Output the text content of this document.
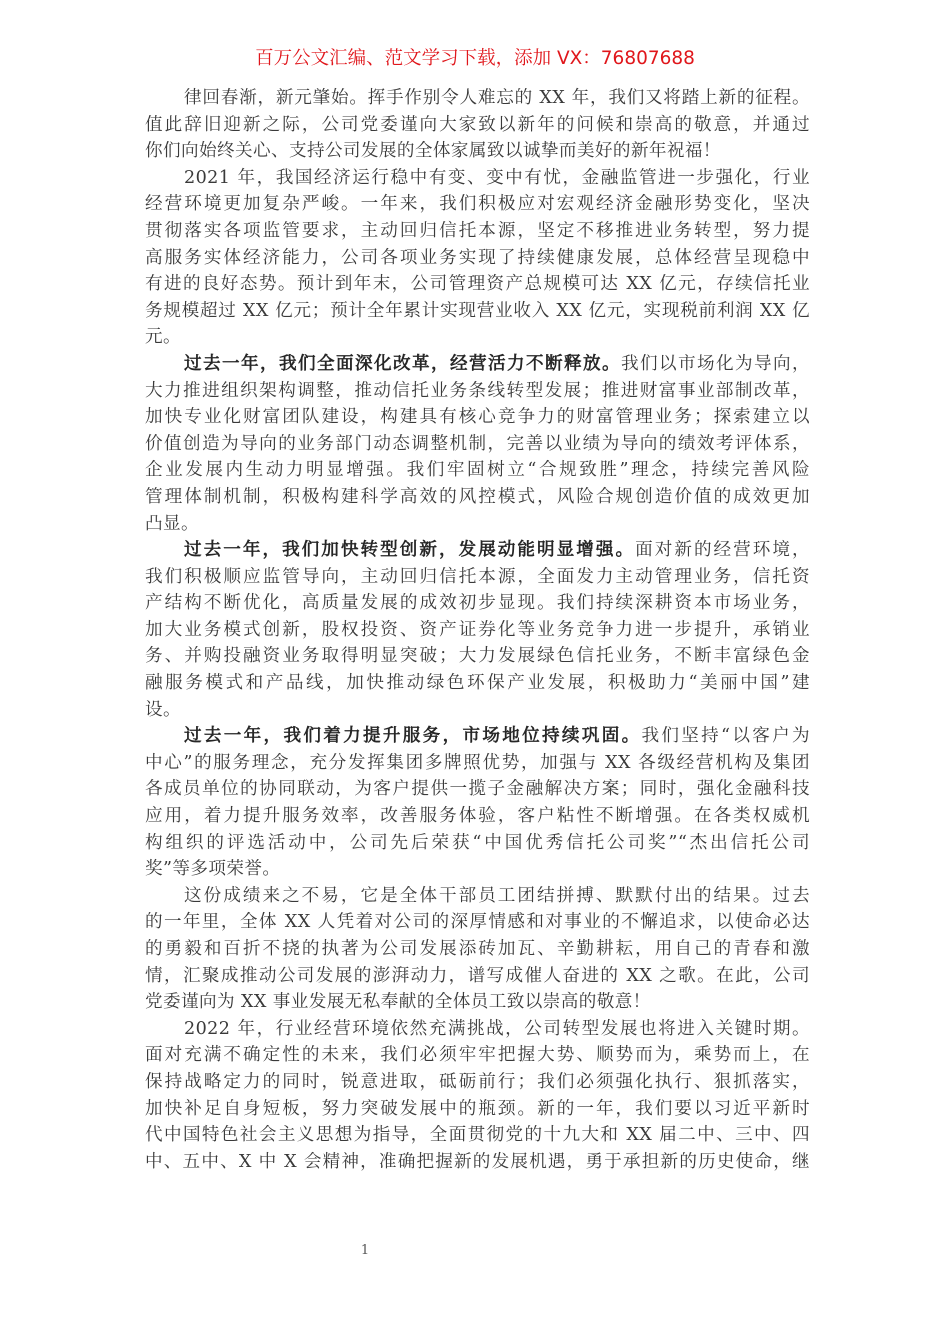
百万公文汇编、范文学习下载，添加 VX：76807688
律回春渐，新元肇始。挥手作别令人难忘的 XX 年，我们又将踏上新的征程。
值此辞旧迎新之际，公司党委谨向大家致以新年的问候和崇高的敬意，并通过
你们向始终关心、支持公司发展的全体家属致以诚挚而美好的新年祝福！
2021 年，我国经济运行稳中有变、变中有忧，金融监管进一步强化，行业
经营环境更加复杂严峻。一年来，我们积极应对宏观经济金融形势变化，坚决
贯彻落实各项监管要求，主动回归信托本源，坚定不移推进业务转型，努力提
高服务实体经济能力，公司各项业务实现了持续健康发展，总体经营呈现稳中
有进的良好态势。预计到年末，公司管理资产总规模可达 XX 亿元，存续信托业
务规模超过 XX 亿元；预计全年累计实现营业收入 XX 亿元，实现税前利润 XX 亿
元。
过去一年，我们全面深化改革，经营活力不断释放。我们以市场化为导向，
大力推进组织架构调整，推动信托业务条线转型发展；推进财富事业部制改革，
加快专业化财富团队建设，构建具有核心竞争力的财富管理业务；探索建立以
价值创造为导向的业务部门动态调整机制，完善以业绩为导向的绩效考评体系，
企业发展内生动力明显增强。我们牢固树立“合规致胜”理念，持续完善风险
管理体制机制，积极构建科学高效的风控模式，风险合规创造价值的成效更加
凸显。
过去一年，我们加快转型创新，发展动能明显增强。面对新的经营环境，
我们积极顺应监管导向，主动回归信托本源，全面发力主动管理业务，信托资
产结构不断优化，高质量发展的成效初步显现。我们持续深耕资本市场业务，
加大业务模式创新，股权投资、资产证券化等业务竞争力进一步提升，承销业
务、并购投融资业务取得明显突破；大力发展绿色信托业务，不断丰富绿色金
融服务模式和产品线，加快推动绿色环保产业发展，积极助力“美丽中国”建
设。
过去一年，我们着力提升服务，市场地位持续巩固。我们坚持“以客户为
中心”的服务理念，充分发挥集团多牌照优势，加强与 XX 各级经营机构及集团
各成员单位的协同联动，为客户提供一揽子金融解决方案；同时，强化金融科技
应用，着力提升服务效率，改善服务体验，客户粘性不断增强。在各类权威机
构组织的评选活动中，公司先后荣获“中国优秀信托公司奖”“杰出信托公司
奖”等多项荣誉。
这份成绩来之不易，它是全体干部员工团结拼搏、默默付出的结果。过去
的一年里，全体 XX 人凭着对公司的深厚情感和对事业的不懈追求，以使命必达
的勇毅和百折不挠的执著为公司发展添砖加瓦、辛勤耕耘，用自己的青春和激
情，汇聚成推动公司发展的澎湃动力，谱写成催人奋进的 XX 之歌。在此，公司
党委谨向为 XX 事业发展无私奉献的全体员工致以崇高的敬意！
2022 年，行业经营环境依然充满挑战，公司转型发展也将进入关键时期。
面对充满不确定性的未来，我们必须牢牢把握大势、顺势而为，乘势而上，在
保持战略定力的同时，锐意进取，砥砺前行；我们必须强化执行、狠抓落实，
加快补足自身短板，努力突破发展中的瓶颈。新的一年，我们要以习近平新时
代中国特色社会主义思想为指导，全面贯彻党的十九大和 XX 届二中、三中、四
中、五中、X 中 X 会精神，准确把握新的发展机遇，勇于承担新的历史使命，继
1
